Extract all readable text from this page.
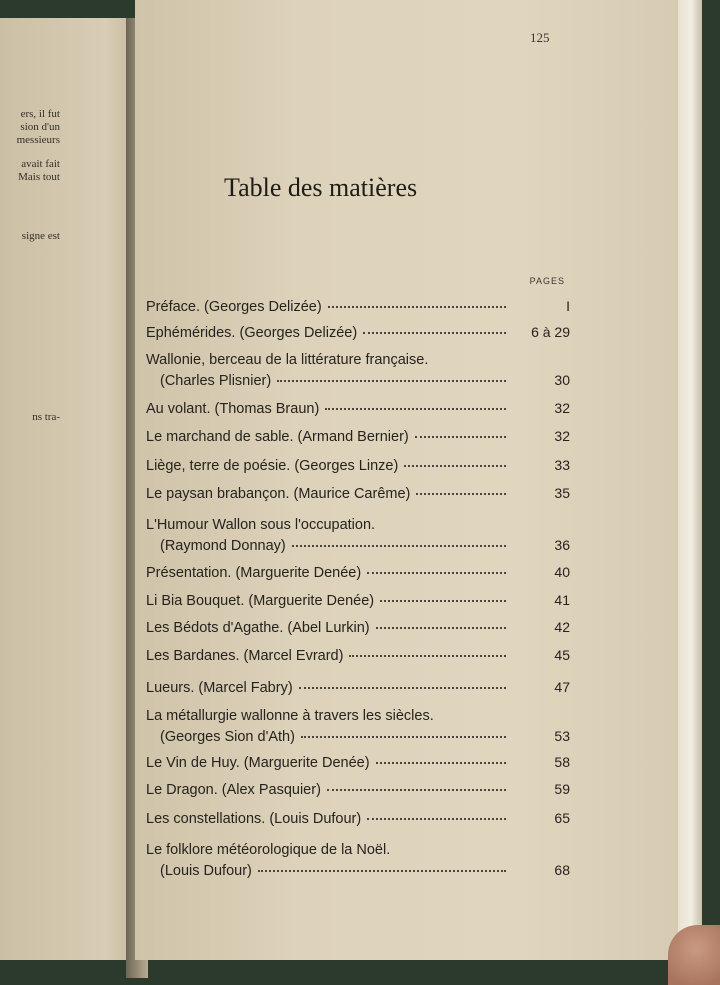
ers, il fut
sion d'un
messieurs
avait fait
Mais tout
signe est
ns tra-
125
Table des matières
PAGES
Préface. (Georges Delizée)	I
Ephémérides. (Georges Delizée)	6 à 29
Wallonie, berceau de la littérature française.
(Charles Plisnier)	30
Au volant. (Thomas Braun)	32
Le marchand de sable. (Armand Bernier)	32
Liège, terre de poésie. (Georges Linze)	33
Le paysan brabançon. (Maurice Carême)	35
L'Humour Wallon sous l'occupation.
(Raymond Donnay)	36
Présentation. (Marguerite Denée)	40
Li Bia Bouquet. (Marguerite Denée)	41
Les Bédots d'Agathe. (Abel Lurkin)	42
Les Bardanes. (Marcel Evrard)	45
Lueurs. (Marcel Fabry)	47
La métallurgie wallonne à travers les siècles.
(Georges Sion d'Ath)	53
Le Vin de Huy. (Marguerite Denée)	58
Le Dragon. (Alex Pasquier)	59
Les constellations. (Louis Dufour)	65
Le folklore météorologique de la Noël.
(Louis Dufour)	68
